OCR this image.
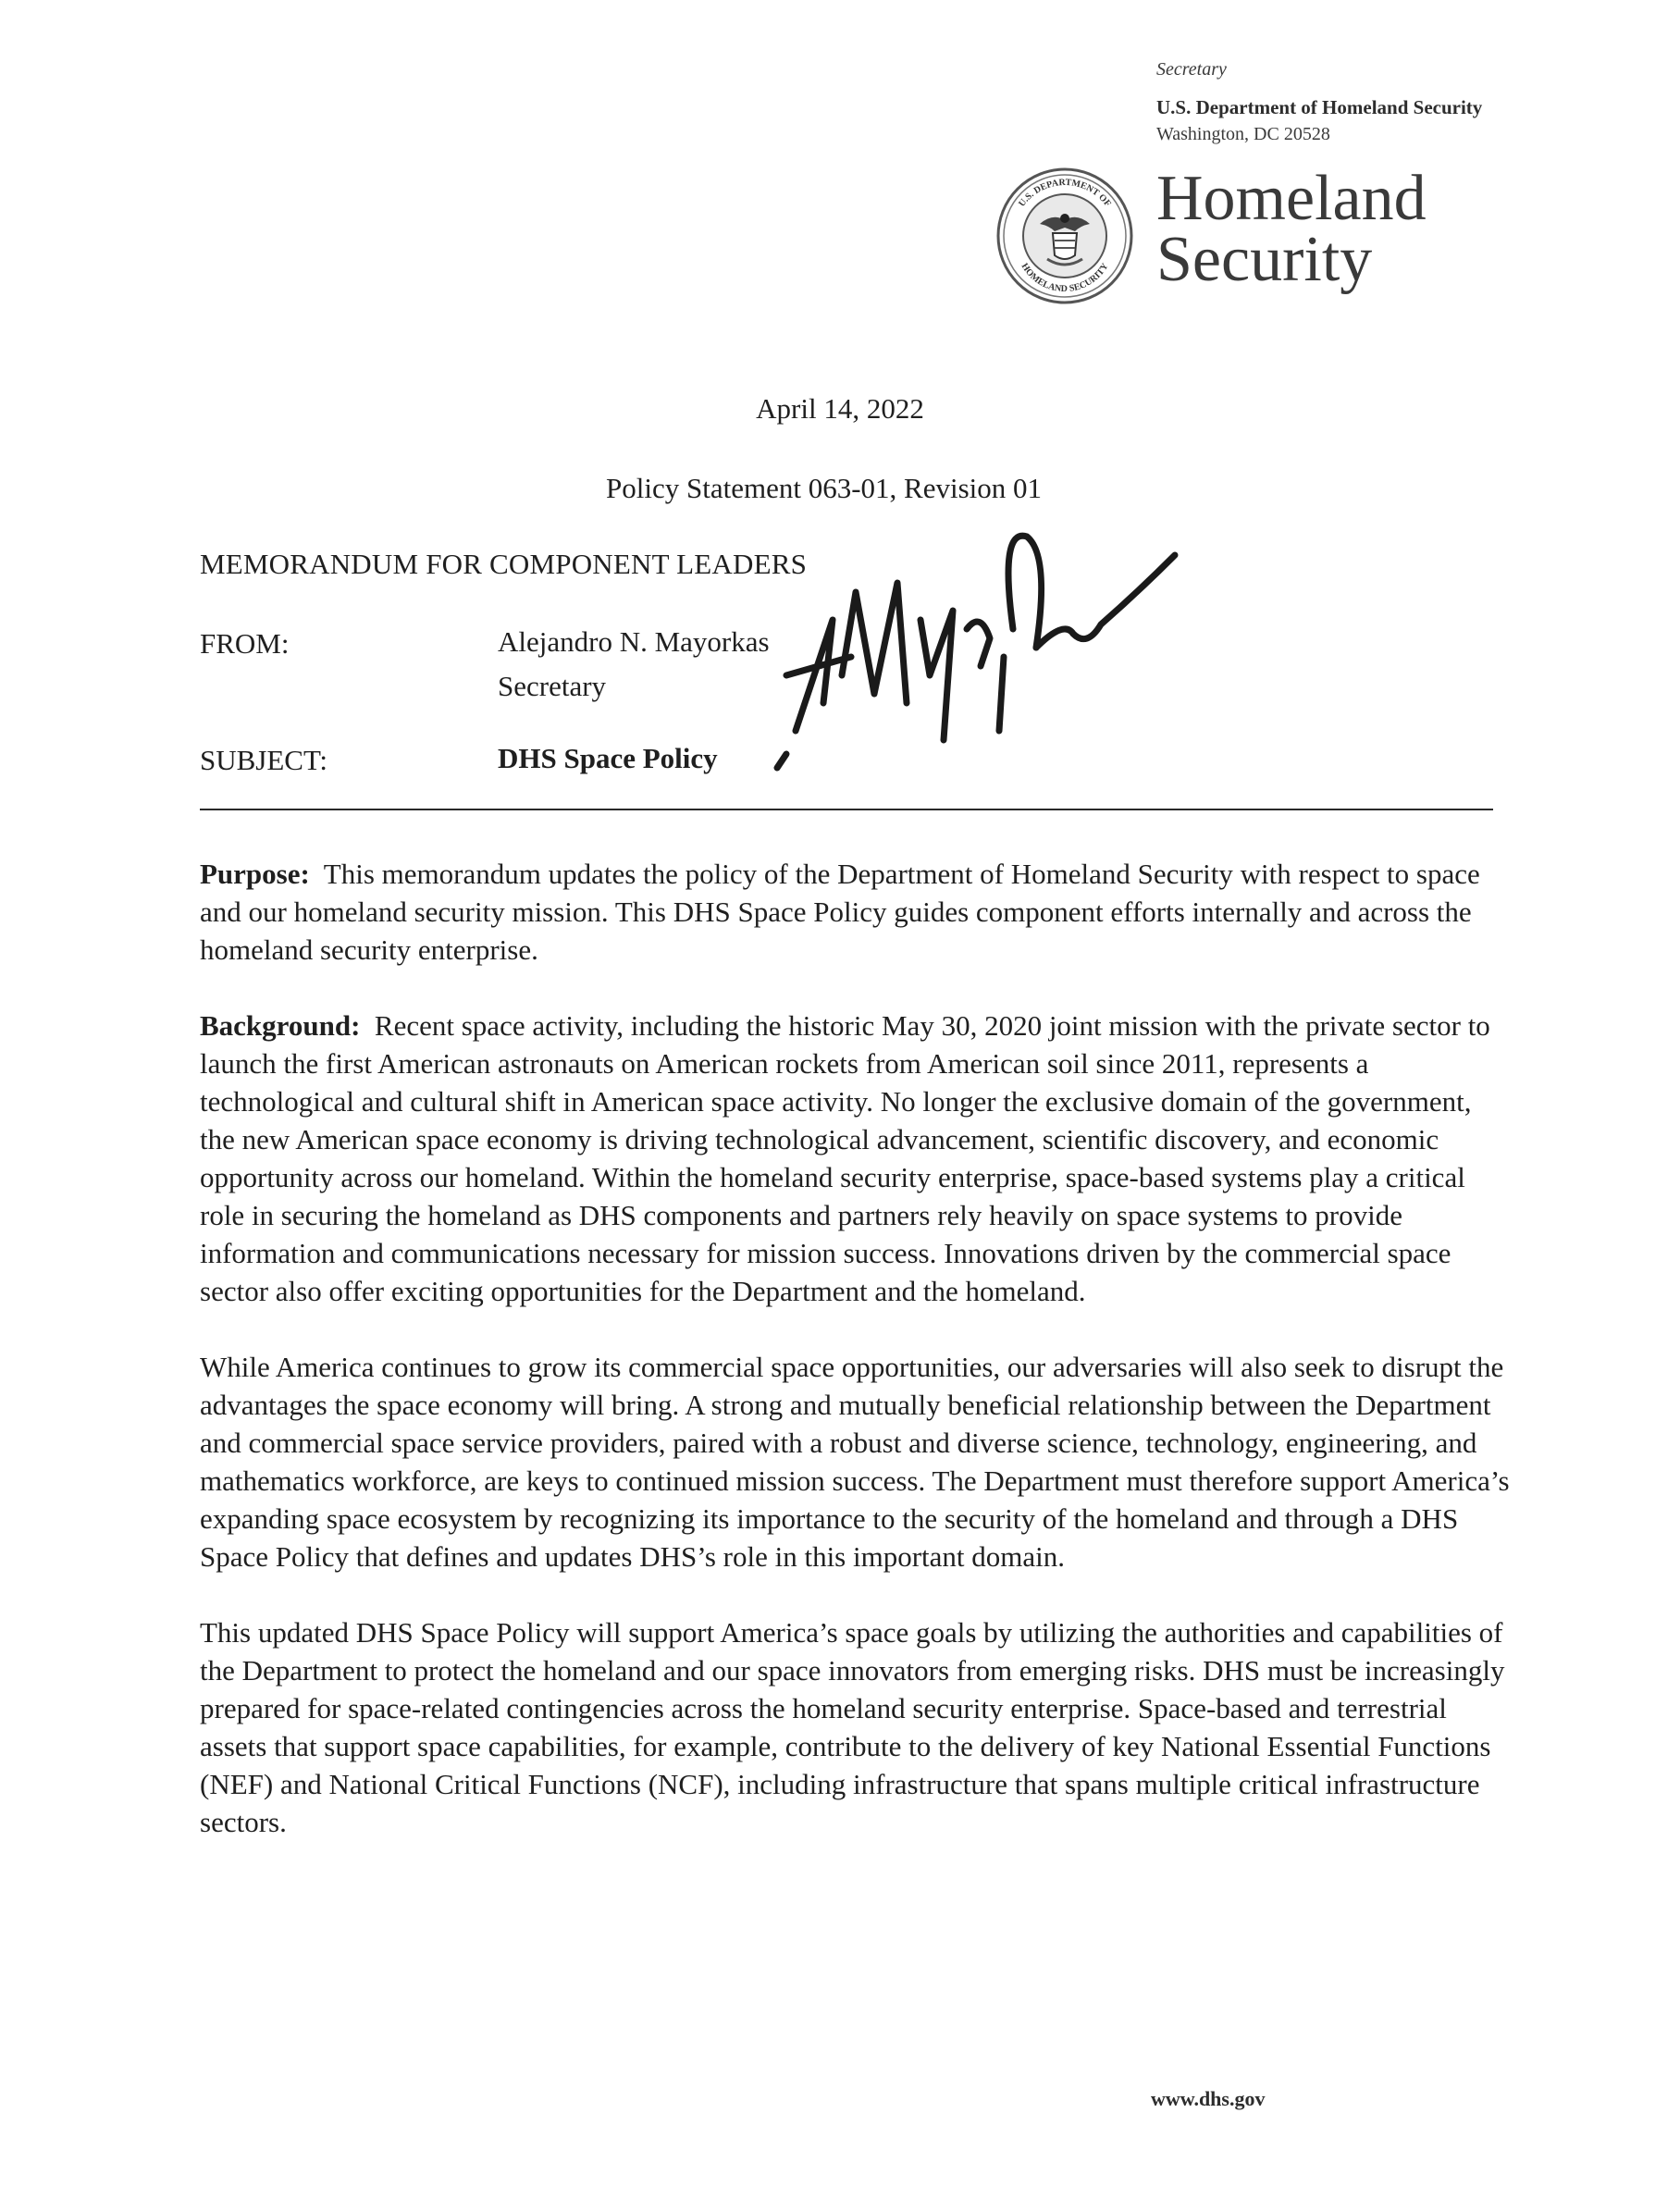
Secretary
U.S. Department of Homeland Security
Washington, DC 20528
U.S. DEPARTMENT OF
HOMELAND SECURITY
Homeland
Security
April 14, 2022
Policy Statement 063-01, Revision 01
MEMORANDUM FOR COMPONENT LEADERS
FROM:	Alejandro N. Mayorkas
Secretary
SUBJECT:	DHS Space Policy

Purpose: This memorandum updates the policy of the Department of Homeland Security with respect to space and our homeland security mission. This DHS Space Policy guides component efforts internally and across the homeland security enterprise.

Background: Recent space activity, including the historic May 30, 2020 joint mission with the private sector to launch the first American astronauts on American rockets from American soil since 2011, represents a technological and cultural shift in American space activity. No longer the exclusive domain of the government, the new American space economy is driving technological advancement, scientific discovery, and economic opportunity across our homeland. Within the homeland security enterprise, space-based systems play a critical role in securing the homeland as DHS components and partners rely heavily on space systems to provide information and communications necessary for mission success. Innovations driven by the commercial space sector also offer exciting opportunities for the Department and the homeland.

While America continues to grow its commercial space opportunities, our adversaries will also seek to disrupt the advantages the space economy will bring. A strong and mutually beneficial relationship between the Department and commercial space service providers, paired with a robust and diverse science, technology, engineering, and mathematics workforce, are keys to continued mission success. The Department must therefore support America’s expanding space ecosystem by recognizing its importance to the security of the homeland and through a DHS Space Policy that defines and updates DHS’s role in this important domain.

This updated DHS Space Policy will support America’s space goals by utilizing the authorities and capabilities of the Department to protect the homeland and our space innovators from emerging risks. DHS must be increasingly prepared for space-related contingencies across the homeland security enterprise. Space-based and terrestrial assets that support space capabilities, for example, contribute to the delivery of key National Essential Functions (NEF) and National Critical Functions (NCF), including infrastructure that spans multiple critical infrastructure sectors.

www.dhs.gov
